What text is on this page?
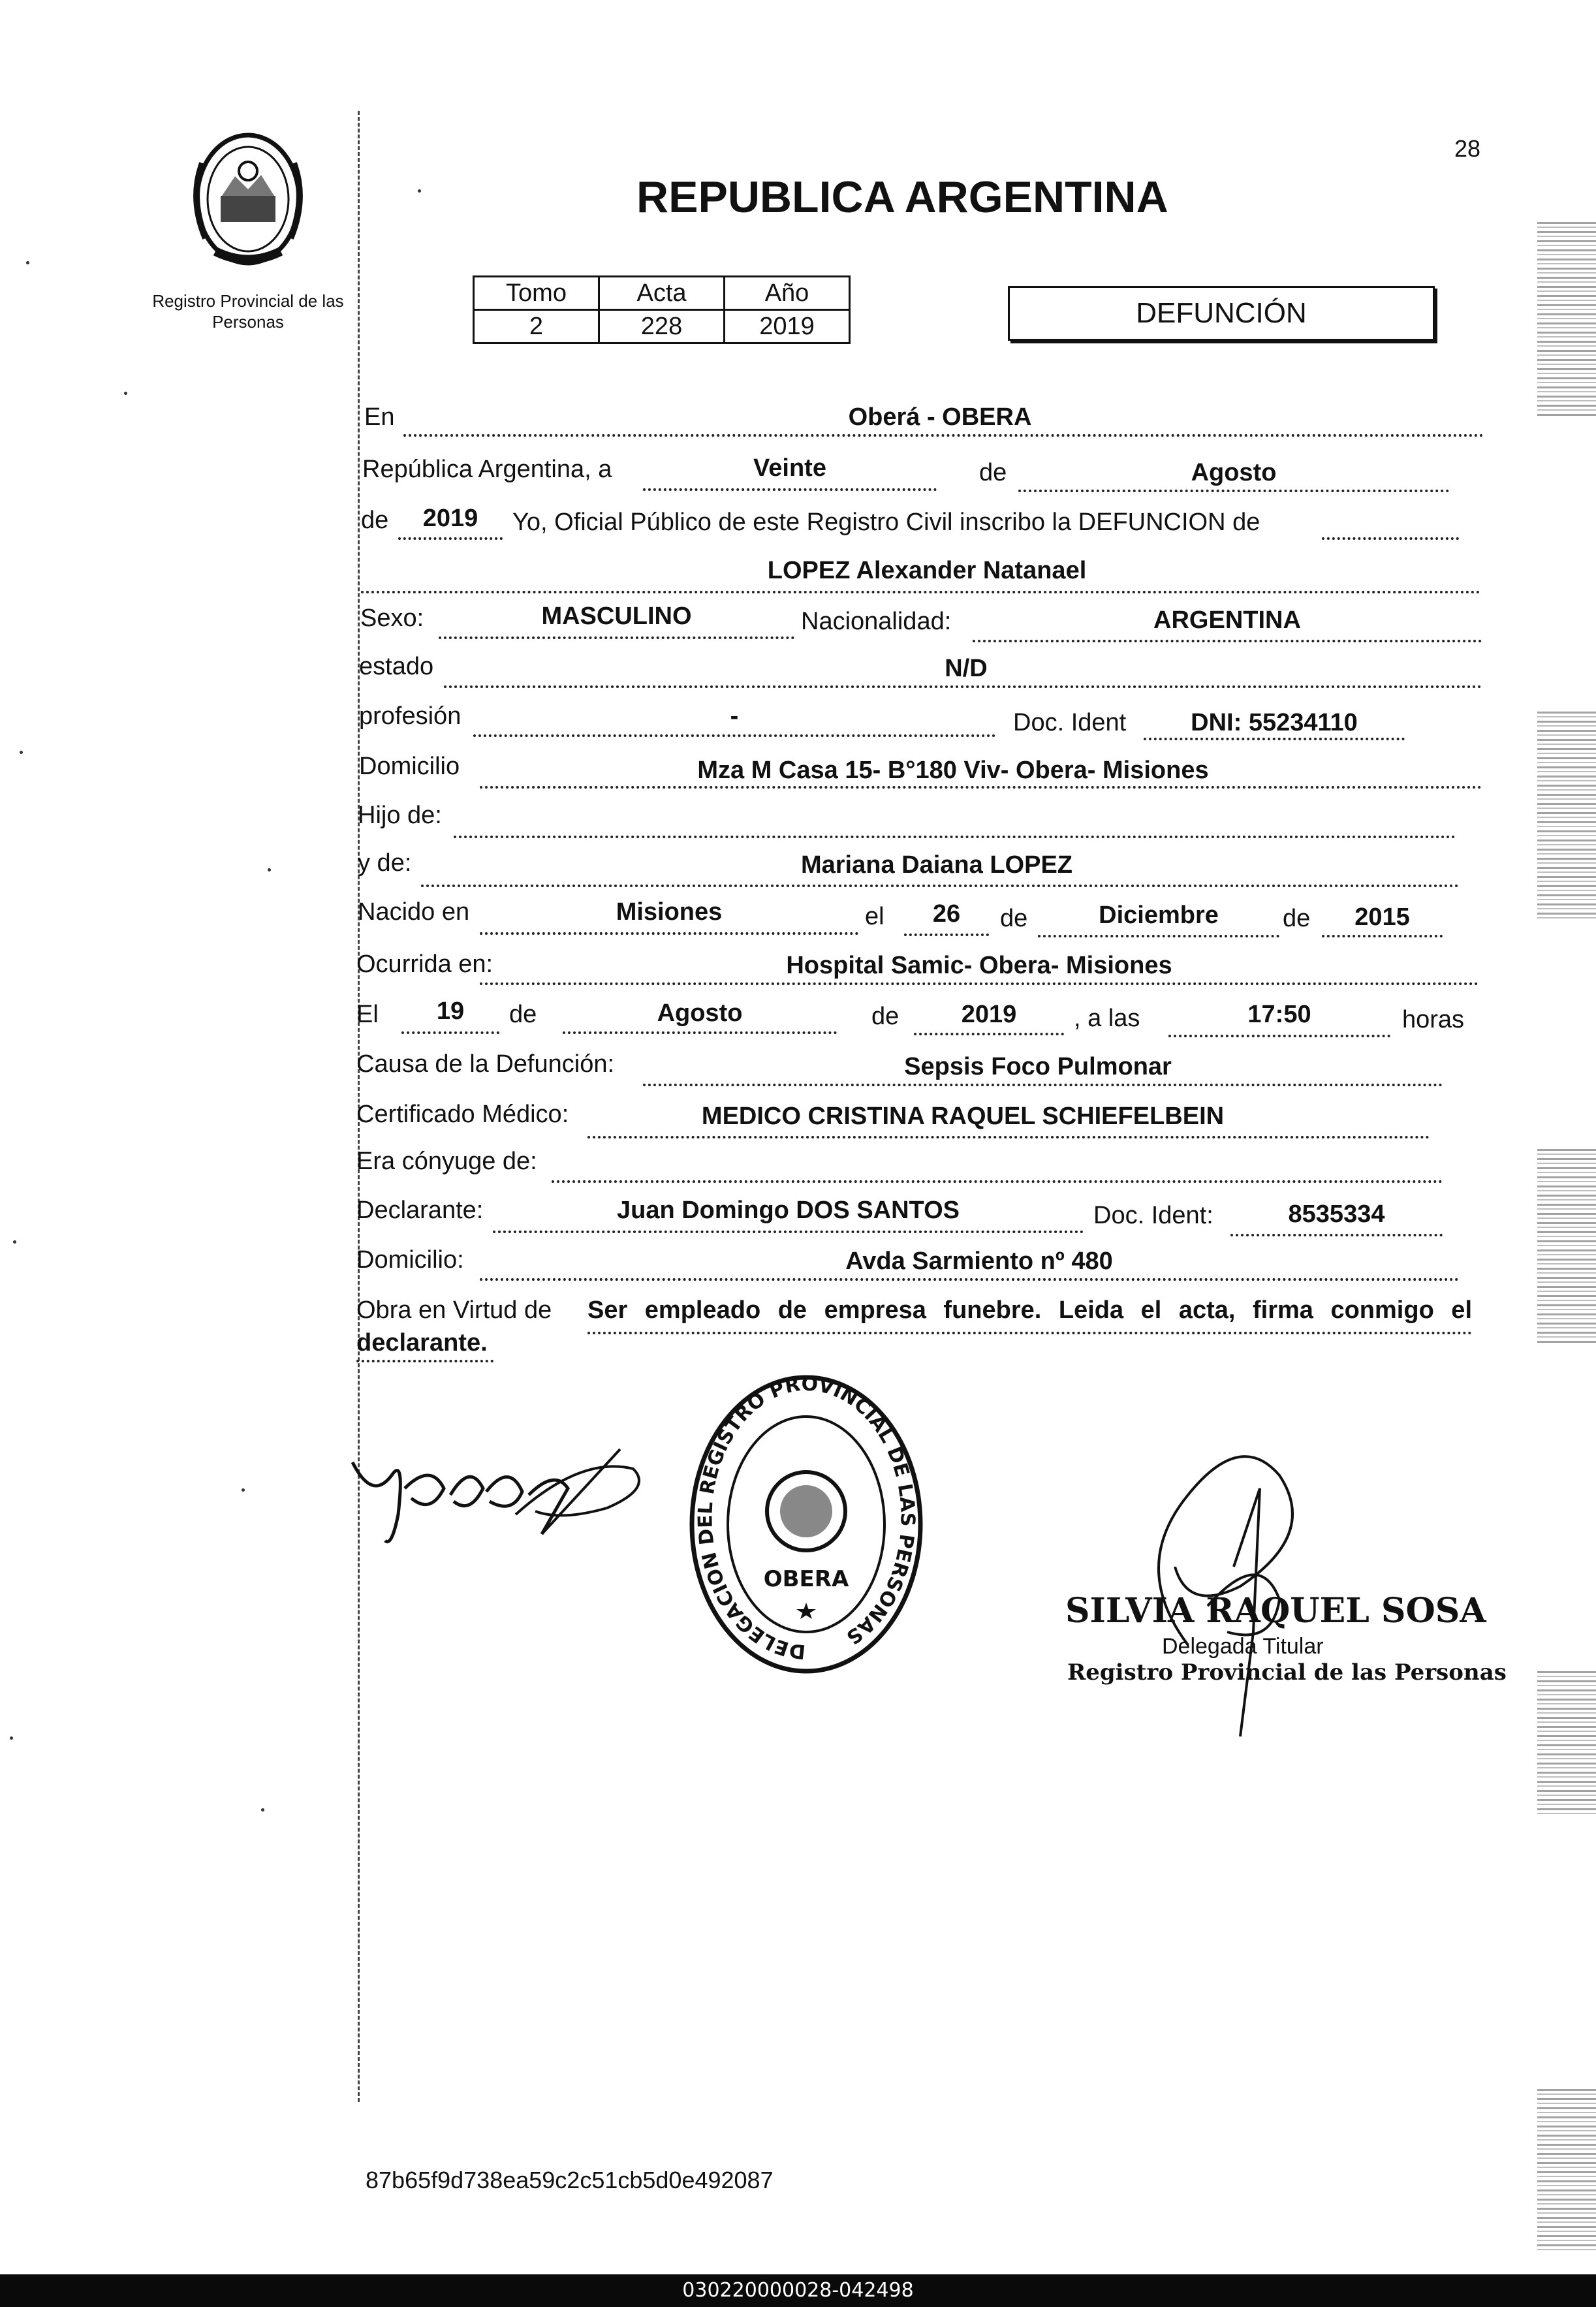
28
Registro Provincial de las Personas
REPUBLICA ARGENTINA
Tomo	Acta	Año
2	228	2019	DEFUNCIÓN
En	Oberá - OBERA
República Argentina, a	Veinte	de	Agosto
de	2019	Yo, Oficial Público de este Registro Civil inscribo la DEFUNCION de
LOPEZ Alexander Natanael
Sexo:	MASCULINO	Nacionalidad:	ARGENTINA
estado	N/D
profesión	-	Doc. Ident	DNI: 55234110
Domicilio	Mza M Casa 15- B°180 Viv- Obera- Misiones
Hijo de:
y de:	Mariana Daiana LOPEZ
Nacido en	Misiones	el	26	de	Diciembre	de	2015
Ocurrida en:	Hospital Samic- Obera- Misiones
El	19	de	Agosto	de	2019	, a las	17:50	horas
Causa de la Defunción:	Sepsis Foco Pulmonar
Certificado Médico:	MEDICO CRISTINA RAQUEL SCHIEFELBEIN
Era cónyuge de:
Declarante:	Juan Domingo DOS SANTOS	Doc. Ident:	8535334
Domicilio:	Avda Sarmiento nº 480
Obra en Virtud de Ser empleado de empresa funebre. Leida el acta, firma conmigo el
declarante.
DELEGACION DEL REGISTRO PROVINCIAL DE LAS PERSONAS
OBERA
SILVIA RAQUEL SOSA
Delegada Titular
Registro Provincial de las Personas
87b65f9d738ea59c2c51cb5d0e492087
030220000028-042498
